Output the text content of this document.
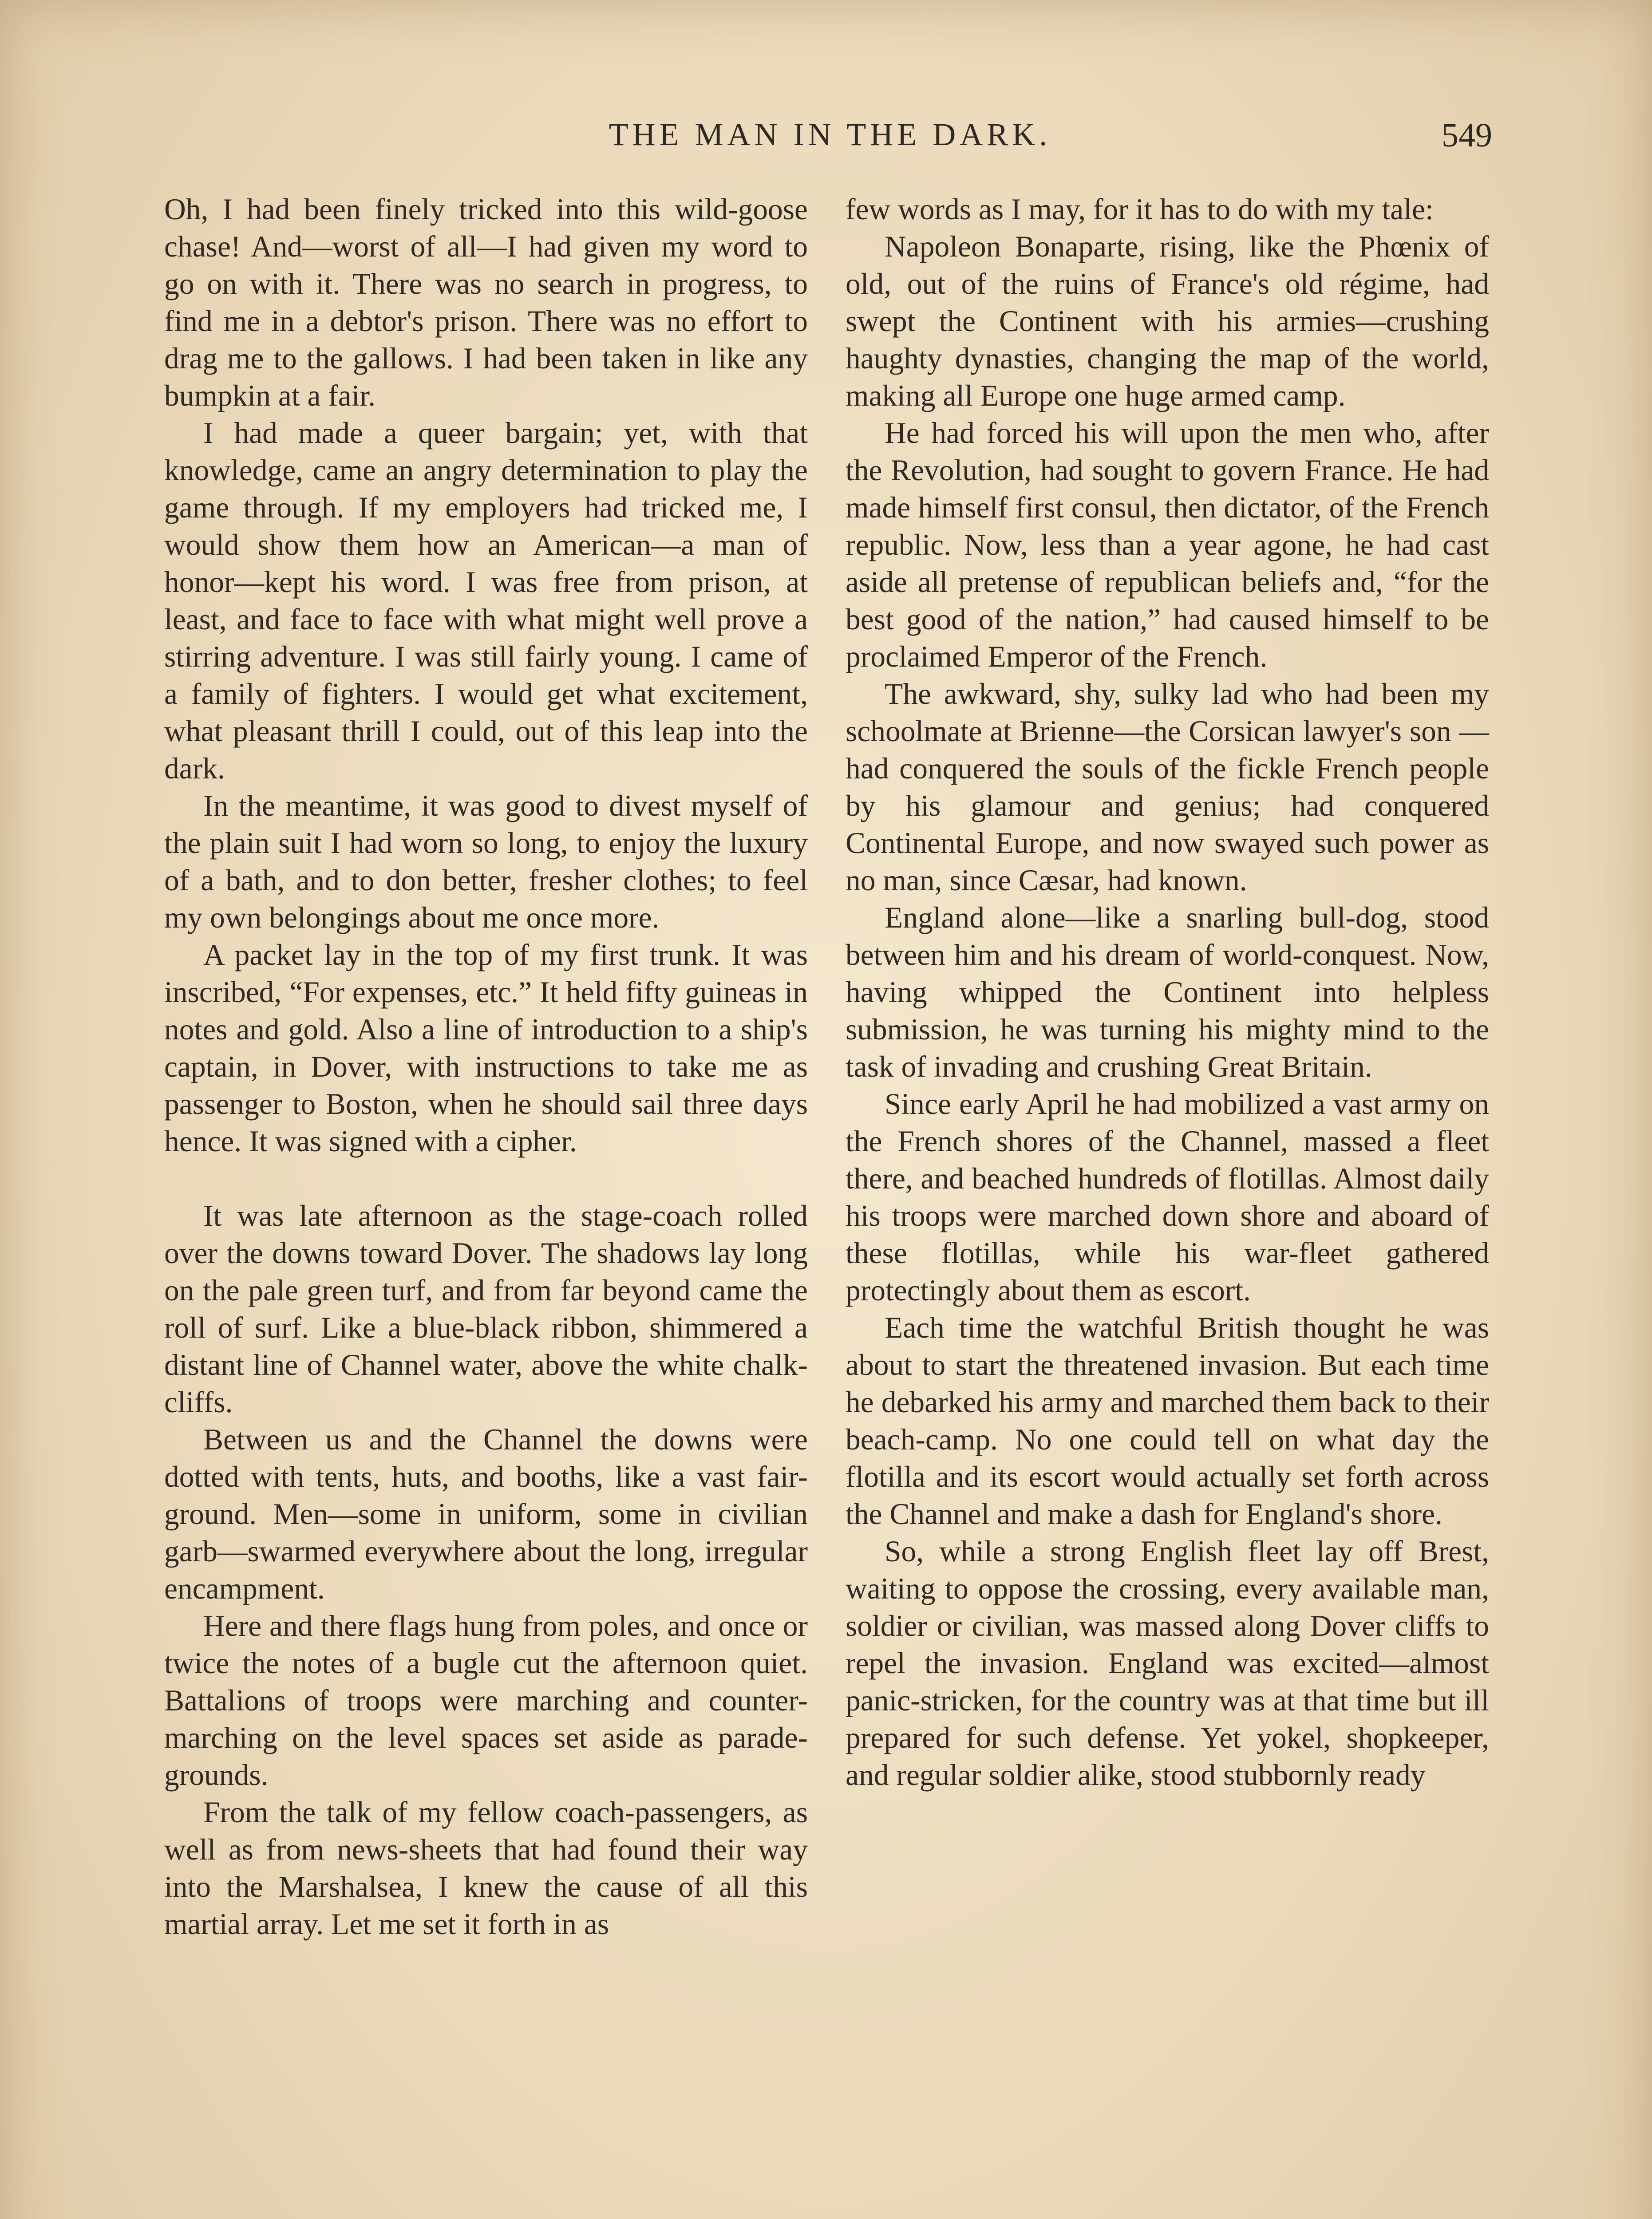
THE MAN IN THE DARK.	549

Oh, I had been finely tricked into this wild-goose chase! And—worst of all—I had given my word to go on with it. There was no search in progress, to find me in a debtor's prison. There was no effort to drag me to the gallows. I had been taken in like any bumpkin at a fair.

I had made a queer bargain; yet, with that knowledge, came an angry determination to play the game through. If my employers had tricked me, I would show them how an American—a man of honor—kept his word. I was free from prison, at least, and face to face with what might well prove a stirring adventure. I was still fairly young. I came of a family of fighters. I would get what excitement, what pleasant thrill I could, out of this leap into the dark.

In the meantime, it was good to divest myself of the plain suit I had worn so long, to enjoy the luxury of a bath, and to don better, fresher clothes; to feel my own belongings about me once more.

A packet lay in the top of my first trunk. It was inscribed, “For expenses, etc.” It held fifty guineas in notes and gold. Also a line of introduction to a ship's captain, in Dover, with instructions to take me as passenger to Boston, when he should sail three days hence. It was signed with a cipher.

It was late afternoon as the stage-coach rolled over the downs toward Dover. The shadows lay long on the pale green turf, and from far beyond came the roll of surf. Like a blue-black ribbon, shimmered a distant line of Channel water, above the white chalk-cliffs.

Between us and the Channel the downs were dotted with tents, huts, and booths, like a vast fair-ground. Men—some in uniform, some in civilian garb—swarmed everywhere about the long, irregular encampment.

Here and there flags hung from poles, and once or twice the notes of a bugle cut the afternoon quiet. Battalions of troops were marching and counter-marching on the level spaces set aside as parade-grounds.

From the talk of my fellow coach-passengers, as well as from news-sheets that had found their way into the Marshalsea, I knew the cause of all this martial array. Let me set it forth in as

few words as I may, for it has to do with my tale:

Napoleon Bonaparte, rising, like the Phœnix of old, out of the ruins of France's old régime, had swept the Continent with his armies—crushing haughty dynasties, changing the map of the world, making all Europe one huge armed camp.

He had forced his will upon the men who, after the Revolution, had sought to govern France. He had made himself first consul, then dictator, of the French republic. Now, less than a year agone, he had cast aside all pretense of republican beliefs and, “for the best good of the nation,” had caused himself to be proclaimed Emperor of the French.

The awkward, shy, sulky lad who had been my schoolmate at Brienne—the Corsican lawyer's son — had conquered the souls of the fickle French people by his glamour and genius; had conquered Continental Europe, and now swayed such power as no man, since Cæsar, had known.

England alone—like a snarling bull-dog, stood between him and his dream of world-conquest. Now, having whipped the Continent into helpless submission, he was turning his mighty mind to the task of invading and crushing Great Britain.

Since early April he had mobilized a vast army on the French shores of the Channel, massed a fleet there, and beached hundreds of flotillas. Almost daily his troops were marched down shore and aboard of these flotillas, while his war-fleet gathered protectingly about them as escort.

Each time the watchful British thought he was about to start the threatened invasion. But each time he debarked his army and marched them back to their beach-camp. No one could tell on what day the flotilla and its escort would actually set forth across the Channel and make a dash for England's shore.

So, while a strong English fleet lay off Brest, waiting to oppose the crossing, every available man, soldier or civilian, was massed along Dover cliffs to repel the invasion. England was excited—almost panic-stricken, for the country was at that time but ill prepared for such defense. Yet yokel, shopkeeper, and regular soldier alike, stood stubbornly ready
